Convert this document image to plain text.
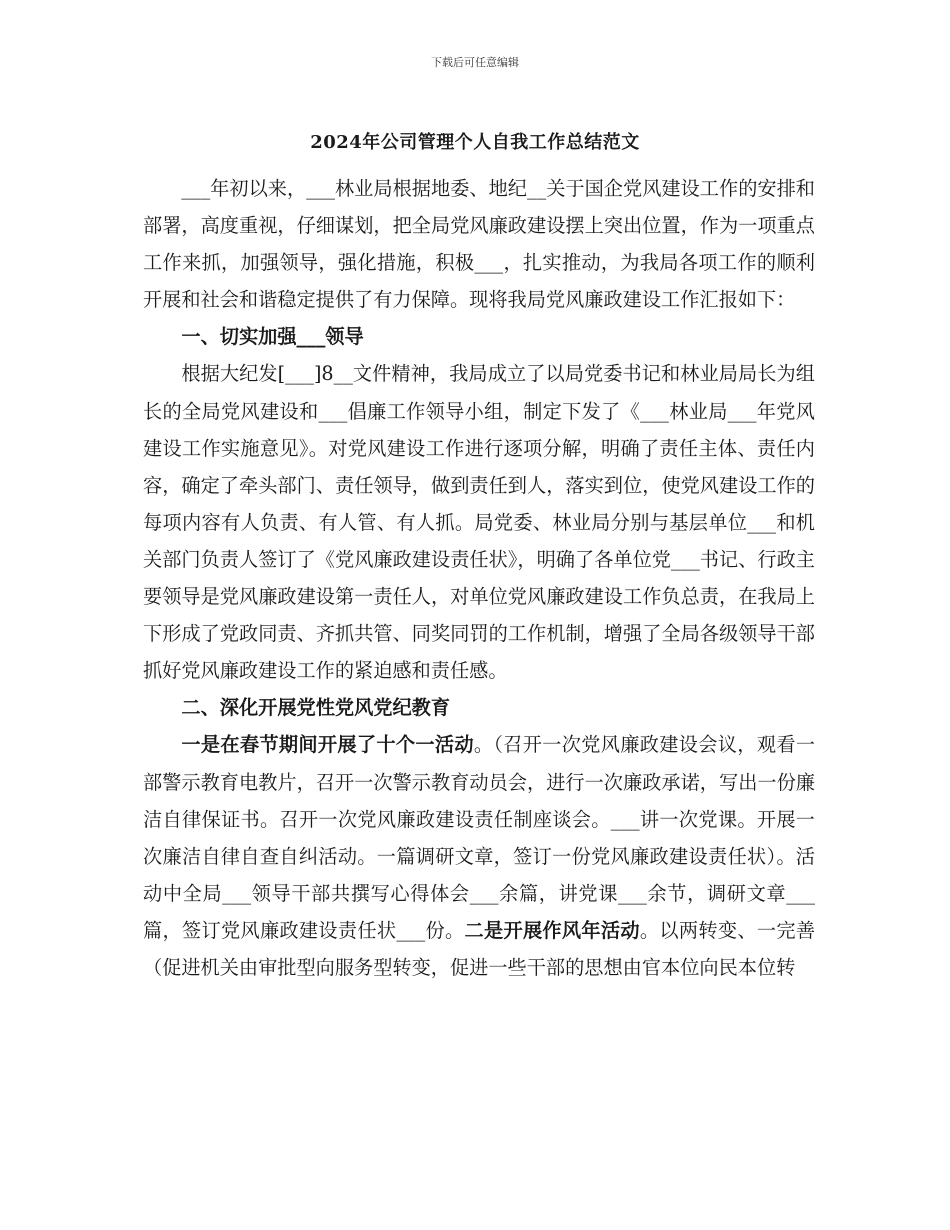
下载后可任意编辑
2024年公司管理个人自我工作总结范文

___年初以来，___林业局根据地委、地纪__关于国企党风建设工作的安排和部署，高度重视，仔细谋划，把全局党风廉政建设摆上突出位置，作为一项重点工作来抓，加强领导，强化措施，积极___，扎实推动，为我局各项工作的顺利开展和社会和谐稳定提供了有力保障。现将我局党风廉政建设工作汇报如下：

一、切实加强___领导

根据大纪发[___]8__文件精神，我局成立了以局党委书记和林业局局长为组长的全局党风建设和___倡廉工作领导小组，制定下发了《___林业局___年党风建设工作实施意见》。对党风建设工作进行逐项分解，明确了责任主体、责任内容，确定了牵头部门、责任领导，做到责任到人，落实到位，使党风建设工作的每项内容有人负责、有人管、有人抓。局党委、林业局分别与基层单位___和机关部门负责人签订了《党风廉政建设责任状》，明确了各单位党___书记、行政主要领导是党风廉政建设第一责任人，对单位党风廉政建设工作负总责，在我局上下形成了党政同责、齐抓共管、同奖同罚的工作机制，增强了全局各级领导干部抓好党风廉政建设工作的紧迫感和责任感。

二、深化开展党性党风党纪教育

一是在春节期间开展了十个一活动。（召开一次党风廉政建设会议，观看一部警示教育电教片，召开一次警示教育动员会，进行一次廉政承诺，写出一份廉洁自律保证书。召开一次党风廉政建设责任制座谈会。___讲一次党课。开展一次廉洁自律自查自纠活动。一篇调研文章，签订一份党风廉政建设责任状）。活动中全局___领导干部共撰写心得体会___余篇，讲党课___余节，调研文章___篇，签订党风廉政建设责任状___份。二是开展作风年活动。以两转变、一完善（促进机关由审批型向服务型转变，促进一些干部的思想由官本位向民本位转
